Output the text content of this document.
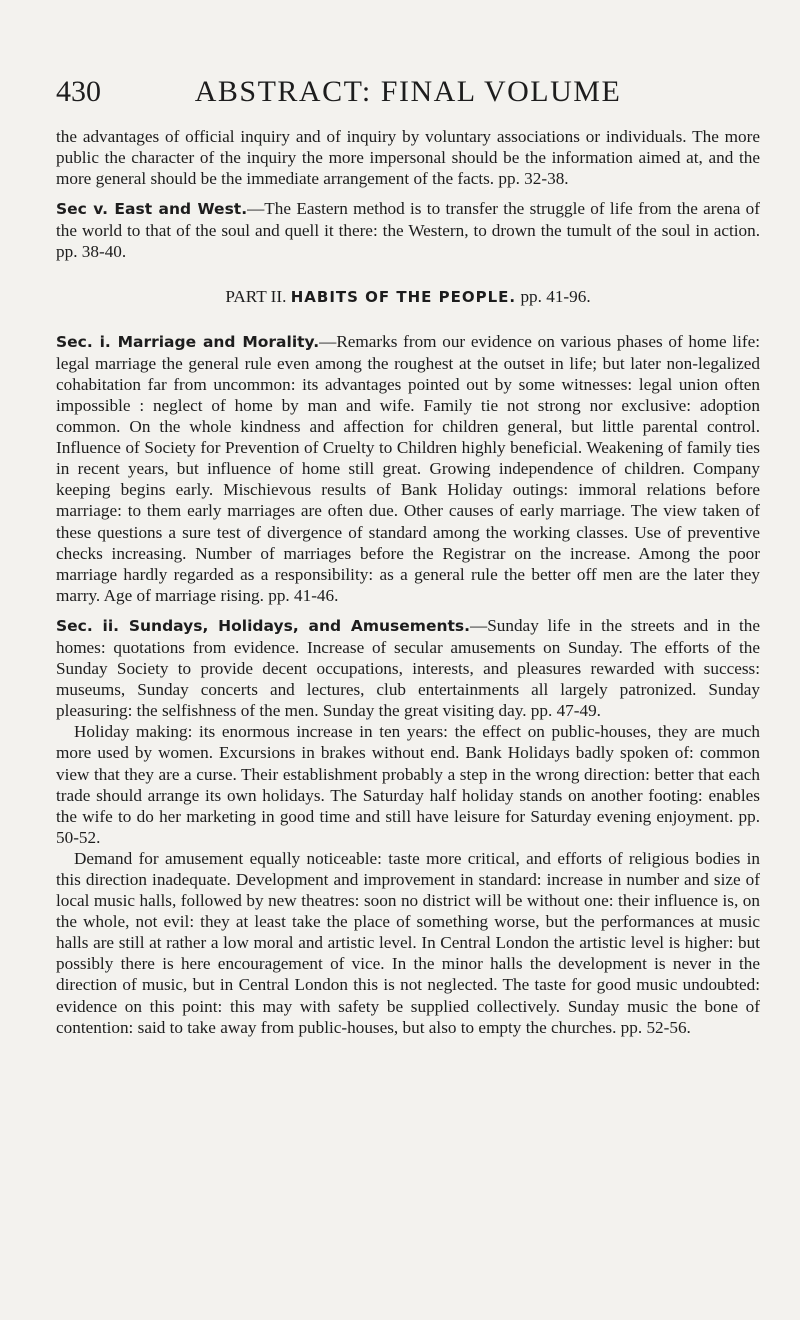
430	ABSTRACT: FINAL VOLUME

the advantages of official inquiry and of inquiry by voluntary associations or individuals. The more public the character of the inquiry the more impersonal should be the information aimed at, and the more general should be the immediate arrangement of the facts. pp. 32-38.

Sec v. East and West.—The Eastern method is to transfer the struggle of life from the arena of the world to that of the soul and quell it there: the Western, to drown the tumult of the soul in action. pp. 38-40.

PART II. HABITS OF THE PEOPLE. pp. 41-96.

Sec. i. Marriage and Morality.—Remarks from our evidence on various phases of home life: legal marriage the general rule even among the roughest at the outset in life; but later non-legalized cohabitation far from uncommon: its advantages pointed out by some witnesses: legal union often impossible : neglect of home by man and wife. Family tie not strong nor exclusive: adoption common. On the whole kindness and affection for children general, but little parental control. Influence of Society for Prevention of Cruelty to Children highly beneficial. Weakening of family ties in recent years, but influence of home still great. Growing independence of children. Company keeping begins early. Mischievous results of Bank Holiday outings: immoral relations before marriage: to them early marriages are often due. Other causes of early marriage. The view taken of these questions a sure test of divergence of standard among the working classes. Use of preventive checks increasing. Number of marriages before the Registrar on the increase. Among the poor marriage hardly regarded as a responsibility: as a general rule the better off men are the later they marry. Age of marriage rising. pp. 41-46.

Sec. ii. Sundays, Holidays, and Amusements.—Sunday life in the streets and in the homes: quotations from evidence. Increase of secular amusements on Sunday. The efforts of the Sunday Society to provide decent occupations, interests, and pleasures rewarded with success: museums, Sunday concerts and lectures, club entertainments all largely patronized. Sunday pleasuring: the selfishness of the men. Sunday the great visiting day. pp. 47-49.

Holiday making: its enormous increase in ten years: the effect on public-houses, they are much more used by women. Excursions in brakes without end. Bank Holidays badly spoken of: common view that they are a curse. Their establishment probably a step in the wrong direction: better that each trade should arrange its own holidays. The Saturday half holiday stands on another footing: enables the wife to do her marketing in good time and still have leisure for Saturday evening enjoyment. pp. 50-52.

Demand for amusement equally noticeable: taste more critical, and efforts of religious bodies in this direction inadequate. Development and improvement in standard: increase in number and size of local music halls, followed by new theatres: soon no district will be without one: their influence is, on the whole, not evil: they at least take the place of something worse, but the performances at music halls are still at rather a low moral and artistic level. In Central London the artistic level is higher: but possibly there is here encouragement of vice. In the minor halls the development is never in the direction of music, but in Central London this is not neglected. The taste for good music undoubted: evidence on this point: this may with safety be supplied collectively. Sunday music the bone of contention: said to take away from public-houses, but also to empty the churches. pp. 52-56.
